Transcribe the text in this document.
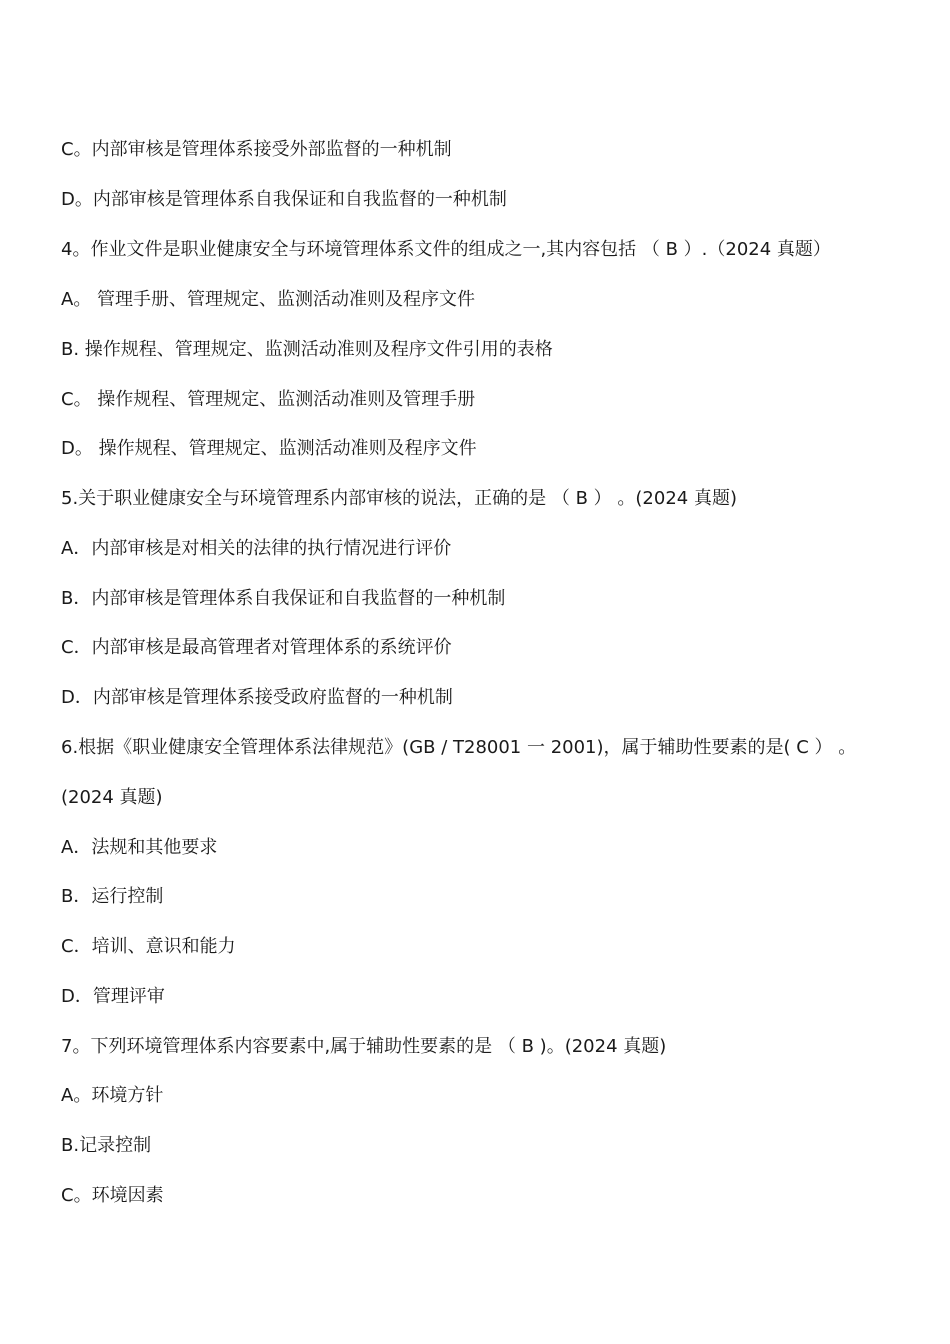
C。内部审核是管理体系接受外部监督的一种机制

D。内部审核是管理体系自我保证和自我监督的一种机制

4。作业文件是职业健康安全与环境管理体系文件的组成之一,其内容包括 （ B ）.（2024 真题）

A。 管理手册、管理规定、监测活动准则及程序文件

B. 操作规程、管理规定、监测活动准则及程序文件引用的表格

C。 操作规程、管理规定、监测活动准则及管理手册

D。 操作规程、管理规定、监测活动准则及程序文件

5.关于职业健康安全与环境管理系内部审核的说法，正确的是 （ B ） 。(2024 真题)

A．内部审核是对相关的法律的执行情况进行评价

B．内部审核是管理体系自我保证和自我监督的一种机制

C．内部审核是最高管理者对管理体系的系统评价

D．内部审核是管理体系接受政府监督的一种机制

6.根据《职业健康安全管理体系法律规范》(GB / T28001 一 2001)，属于辅助性要素的是( C ） 。

(2024 真题)

A．法规和其他要求

B．运行控制

C．培训、意识和能力

D．管理评审

7。下列环境管理体系内容要素中,属于辅助性要素的是 （ B )。(2024 真题)

A。环境方针

B.记录控制

C。环境因素
